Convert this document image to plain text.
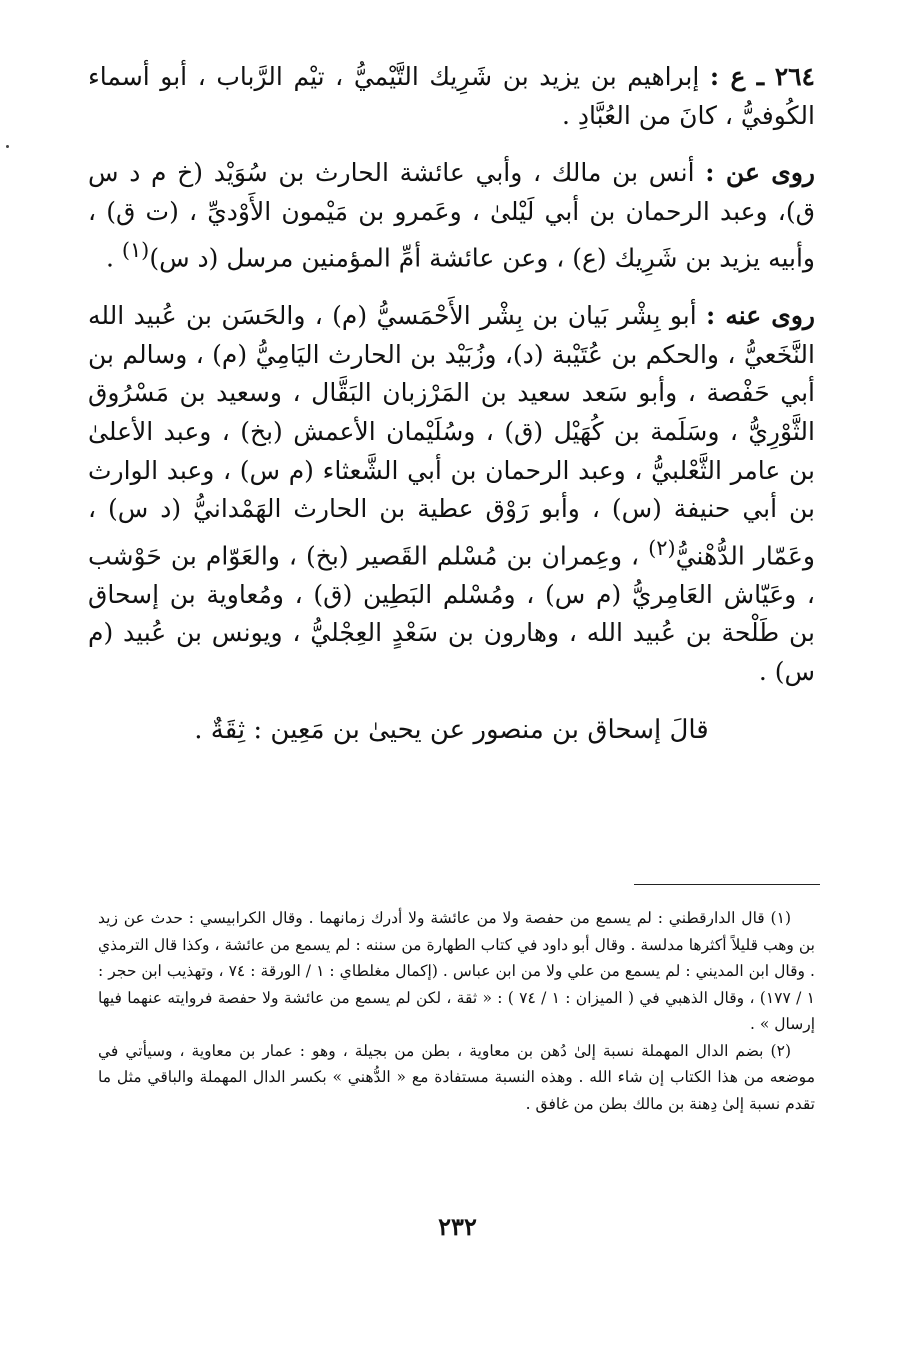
٢٦٤ ـ ع : إبراهيم بن يزيد بن شَرِيك التَّيْميُّ ، تيْم الرَّباب ، أبو أسماء الكُوفيُّ ، كانَ من العُبَّادِ .

روى عن : أنس بن مالك ، وأبي عائشة الحارث بن سُوَيْد (خ م د س ق)، وعبد الرحمان بن أبي لَيْلىٰ ، وعَمرو بن مَيْمون الأَوْديِّ ، (ت ق) ، وأبيه يزيد بن شَرِيك (ع) ، وعن عائشة أمِّ المؤمنين مرسل (د س)$^{(١)}$ .

روى عنه : أبو بِشْر بَيان بن بِشْر الأَحْمَسيُّ (م) ، والحَسَن بن عُبيد الله النَّخَعيُّ ، والحكم بن عُتَيْبة (د)، وزُبَيْد بن الحارث اليَامِيُّ (م) ، وسالم بن أبي حَفْصة ، وأبو سَعد سعيد بن المَرْزبان البَقَّال ، وسعيد بن مَسْرُوق الثَّوْرِيُّ ، وسَلَمة بن كُهَيْل (ق) ، وسُلَيْمان الأعمش (بخ) ، وعبد الأعلىٰ بن عامر الثَّعْلبيُّ ، وعبد الرحمان بن أبي الشَّعثاء (م س) ، وعبد الوارث بن أبي حنيفة (س) ، وأبو رَوْق عطية بن الحارث الهَمْدانيُّ (د س) ، وعَمّار الدُّهْنيُّ$^{(٢)}$ ، وعِمران بن مُسْلم القَصير (بخ) ، والعَوّام بن حَوْشب ، وعَيّاش العَامِريُّ (م س) ، ومُسْلم البَطِين (ق) ، ومُعاوية بن إسحاق بن طَلْحة بن عُبيد الله ، وهارون بن سَعْدٍ العِجْليُّ ، ويونس بن عُبيد (م س) .

قالَ إسحاق بن منصور عن يحيىٰ بن مَعِين : ثِقَةٌ .

(١) قال الدارقطني : لم يسمع من حفصة ولا من عائشة ولا أدرك زمانهما . وقال الكرابيسي : حدث عن زيد بن وهب قليلاً أكثرها مدلسة . وقال أبو داود في كتاب الطهارة من سننه : لم يسمع من عائشة ، وكذا قال الترمذي . وقال ابن المديني : لم يسمع من علي ولا من ابن عباس . (إكمال مغلطاي : ١ / الورقة : ٧٤ ، وتهذيب ابن حجر : ١ / ١٧٧) ، وقال الذهبي في ( الميزان : ١ / ٧٤ ) : « ثقة ، لكن لم يسمع من عائشة ولا حفصة فروايته عنهما فيها إرسال » .

(٢) بضم الدال المهملة نسبة إلىٰ دُهن بن معاوية ، بطن من بجيلة ، وهو : عمار بن معاوية ، وسيأتي في موضعه من هذا الكتاب إن شاء الله . وهذه النسبة مستفادة مع « الدُّهني » بكسر الدال المهملة والباقي مثل ما تقدم نسبة إلىٰ دِهنة بن مالك بطن من غافق .

٢٣٢
